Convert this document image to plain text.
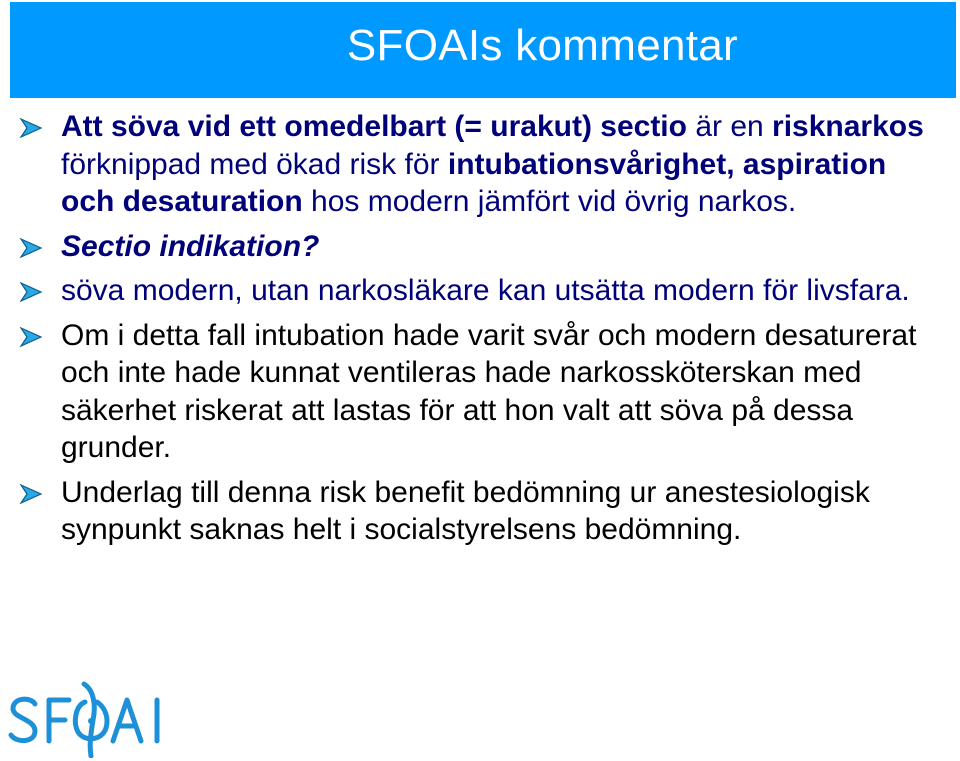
SFOAIs kommentar
Att söva vid ett omedelbart (= urakut) sectio är en risknarkos förknippad med ökad risk för intubationsvårighet, aspiration och desaturation hos modern jämfört vid övrig narkos.
Sectio indikation?
söva modern, utan narkosläkare kan utsätta modern för livsfara.
Om i detta fall intubation hade varit svår och modern desaturerat och inte hade kunnat ventileras hade narkossköterskan med säkerhet riskerat att lastas för att hon valt att söva på dessa grunder.
Underlag till denna risk benefit bedömning ur anestesiologisk synpunkt saknas helt i socialstyrelsens bedömning.
